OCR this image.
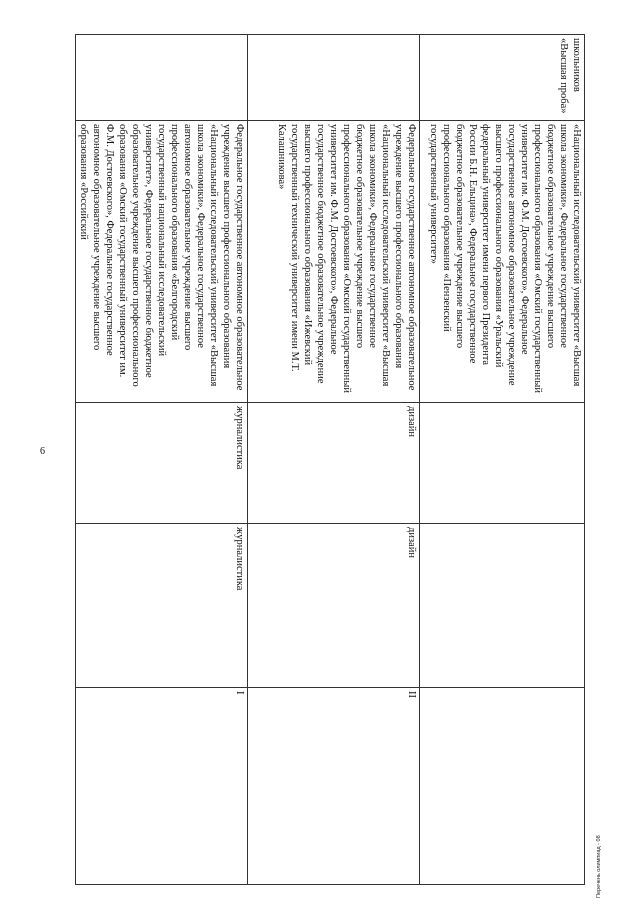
6
школьников «Высшая проба»	«Национальный исследовательский университет «Высшая школа экономики», Федеральное государственное бюджетное образовательное учреждение высшего профессионального образования «Омский государственный университет им. Ф.М. Достоевского», Федеральное государственное автономное образовательное учреждение высшего профессионального образования «Уральский федеральный университет имени первого Президента России Б.Н. Ельцина», Федеральное государственное бюджетное образовательное учреждение высшего профессионального образования «Пензенский государственный университет»			

	Федеральное государственное автономное образовательное учреждение высшего профессионального образования «Национальный исследовательский университет «Высшая школа экономики», Федеральное государственное бюджетное образовательное учреждение высшего профессионального образования «Омский государственный университет им. Ф.М. Достоевского», Федеральное государственное бюджетное образовательное учреждение высшего профессионального образования «Ижевский государственный технический университет имени М.Т. Калашникова»	дизайн	дизайн	II

	Федеральное государственное автономное образовательное учреждение высшего профессионального образования «Национальный исследовательский университет «Высшая школа экономики», Федеральное государственное автономное образовательное учреждение высшего профессионального образования «Белгородский государственный национальный исследовательский университет», Федеральное государственное бюджетное образовательное учреждение высшего профессионального образования «Омский государственный университет им. Ф.М. Достоевского», Федеральное государственное автономное образовательное учреждение высшего образования «Российский	журналистика	журналистика	I
Перечень олимпиад - 08
